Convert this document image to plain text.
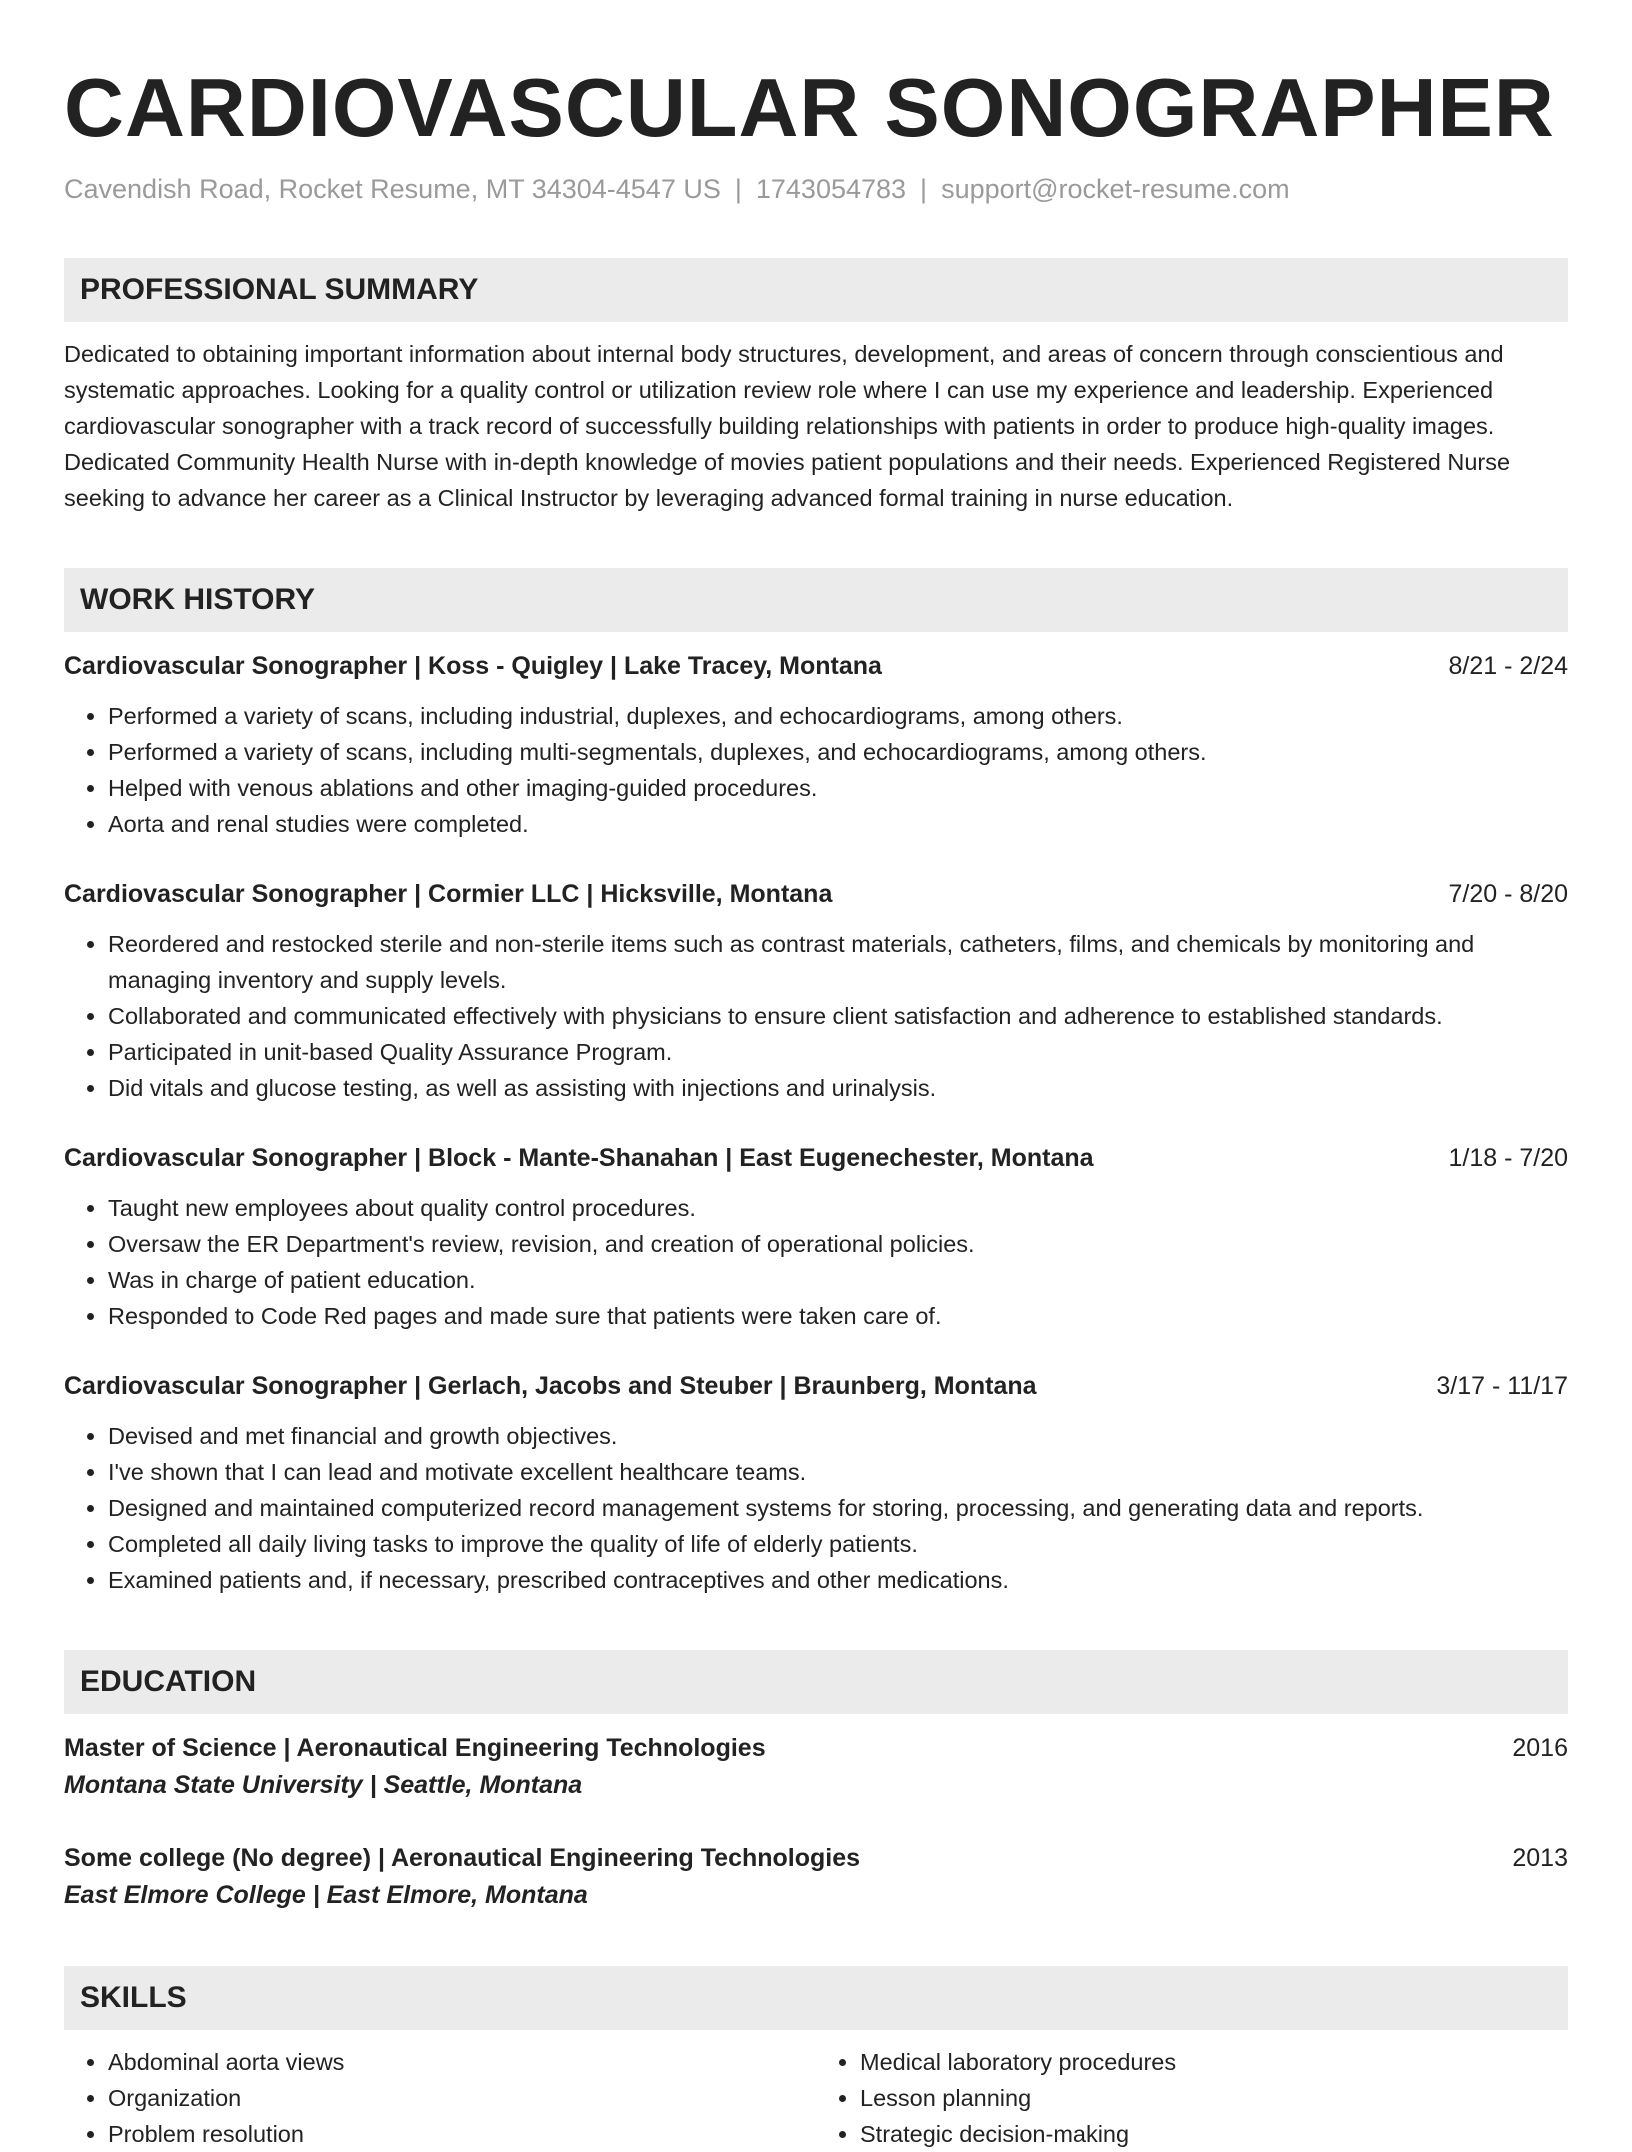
CARDIOVASCULAR SONOGRAPHER
Cavendish Road, Rocket Resume, MT 34304-4547 US | 1743054783 | support@rocket-resume.com
PROFESSIONAL SUMMARY
Dedicated to obtaining important information about internal body structures, development, and areas of concern through conscientious and systematic approaches. Looking for a quality control or utilization review role where I can use my experience and leadership. Experienced cardiovascular sonographer with a track record of successfully building relationships with patients in order to produce high-quality images. Dedicated Community Health Nurse with in-depth knowledge of movies patient populations and their needs. Experienced Registered Nurse seeking to advance her career as a Clinical Instructor by leveraging advanced formal training in nurse education.
WORK HISTORY
Cardiovascular Sonographer | Koss - Quigley | Lake Tracey, Montana	8/21 - 2/24
• Performed a variety of scans, including industrial, duplexes, and echocardiograms, among others.
• Performed a variety of scans, including multi-segmentals, duplexes, and echocardiograms, among others.
• Helped with venous ablations and other imaging-guided procedures.
• Aorta and renal studies were completed.
Cardiovascular Sonographer | Cormier LLC | Hicksville, Montana	7/20 - 8/20
• Reordered and restocked sterile and non-sterile items such as contrast materials, catheters, films, and chemicals by monitoring and managing inventory and supply levels.
• Collaborated and communicated effectively with physicians to ensure client satisfaction and adherence to established standards.
• Participated in unit-based Quality Assurance Program.
• Did vitals and glucose testing, as well as assisting with injections and urinalysis.
Cardiovascular Sonographer | Block - Mante-Shanahan | East Eugenechester, Montana	1/18 - 7/20
• Taught new employees about quality control procedures.
• Oversaw the ER Department's review, revision, and creation of operational policies.
• Was in charge of patient education.
• Responded to Code Red pages and made sure that patients were taken care of.
Cardiovascular Sonographer | Gerlach, Jacobs and Steuber | Braunberg, Montana	3/17 - 11/17
• Devised and met financial and growth objectives.
• I've shown that I can lead and motivate excellent healthcare teams.
• Designed and maintained computerized record management systems for storing, processing, and generating data and reports.
• Completed all daily living tasks to improve the quality of life of elderly patients.
• Examined patients and, if necessary, prescribed contraceptives and other medications.
EDUCATION
Master of Science | Aeronautical Engineering Technologies	2016
Montana State University | Seattle, Montana
Some college (No degree) | Aeronautical Engineering Technologies	2013
East Elmore College | East Elmore, Montana
SKILLS
• Abdominal aorta views
• Organization
• Problem resolution
• Medical laboratory procedures
• Lesson planning
• Strategic decision-making
